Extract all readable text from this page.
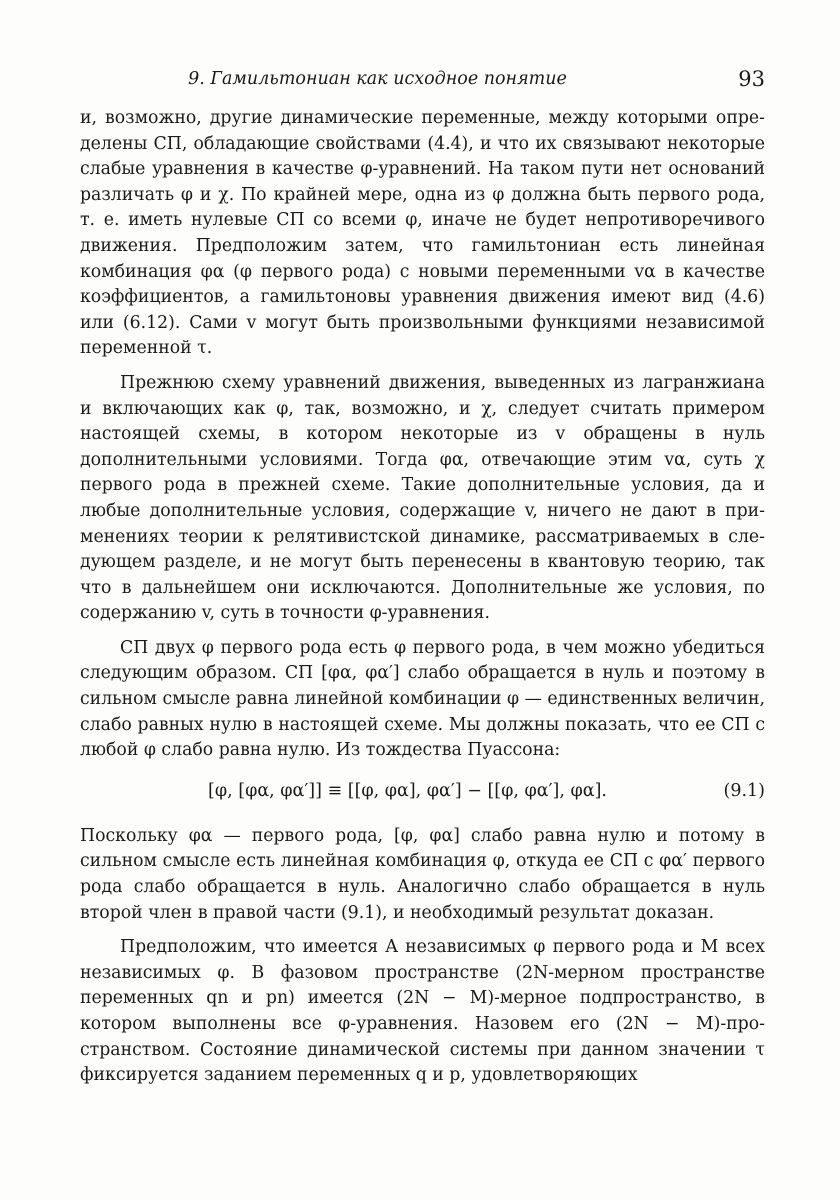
9. Гамильтониан как исходное понятие	93

и, возможно, другие динамические переменные, между которыми определены СП, обладающие свойствами (4.4), и что их связывают некоторые слабые уравнения в качестве φ-уравнений. На таком пути нет оснований различать φ и χ. По крайней мере, одна из φ должна быть первого рода, т. е. иметь нулевые СП со всеми φ, иначе не будет непротиворечивого движения. Предположим затем, что гамильтониан есть линейная комбинация φα (φ первого рода) с новыми переменными vα в качестве коэффициентов, а гамильтоновы уравнения движения имеют вид (4.6) или (6.12). Сами v могут быть произвольными функциями независимой переменной τ.

Прежнюю схему уравнений движения, выведенных из лагранжиана и включающих как φ, так, возможно, и χ, следует считать примером настоящей схемы, в котором некоторые из v обращены в нуль дополнительными условиями. Тогда φα, отвечающие этим vα, суть χ первого рода в прежней схеме. Такие дополнительные условия, да и любые дополнительные условия, содержащие v, ничего не дают в применениях теории к релятивистской динамике, рассматриваемых в следующем разделе, и не могут быть перенесены в квантовую теорию, так что в дальнейшем они исключаются. Дополнительные же условия, по содержанию v, суть в точности φ-уравнения.

СП двух φ первого рода есть φ первого рода, в чем можно убедиться следующим образом. СП [φα, φα′] слабо обращается в нуль и поэтому в сильном смысле равна линейной комбинации φ — единственных величин, слабо равных нулю в настоящей схеме. Мы должны показать, что ее СП с любой φ слабо равна нулю. Из тождества Пуассона:

[φ, [φα, φα′]] ≡ [[φ, φα], φα′] − [[φ, φα′], φα].	(9.1)

Поскольку φα — первого рода, [φ, φα] слабо равна нулю и потому в сильном смысле есть линейная комбинация φ, откуда ее СП с φα′ первого рода слабо обращается в нуль. Аналогично слабо обращается в нуль второй член в правой части (9.1), и необходимый результат доказан.

Предположим, что имеется A независимых φ первого рода и M всех независимых φ. В фазовом пространстве (2N-мерном пространстве переменных qn и pn) имеется (2N − M)-мерное подпространство, в котором выполнены все φ-уравнения. Назовем его (2N − M)-пространством. Состояние динамической системы при данном значении τ фиксируется заданием переменных q и p, удовлетворяющих
